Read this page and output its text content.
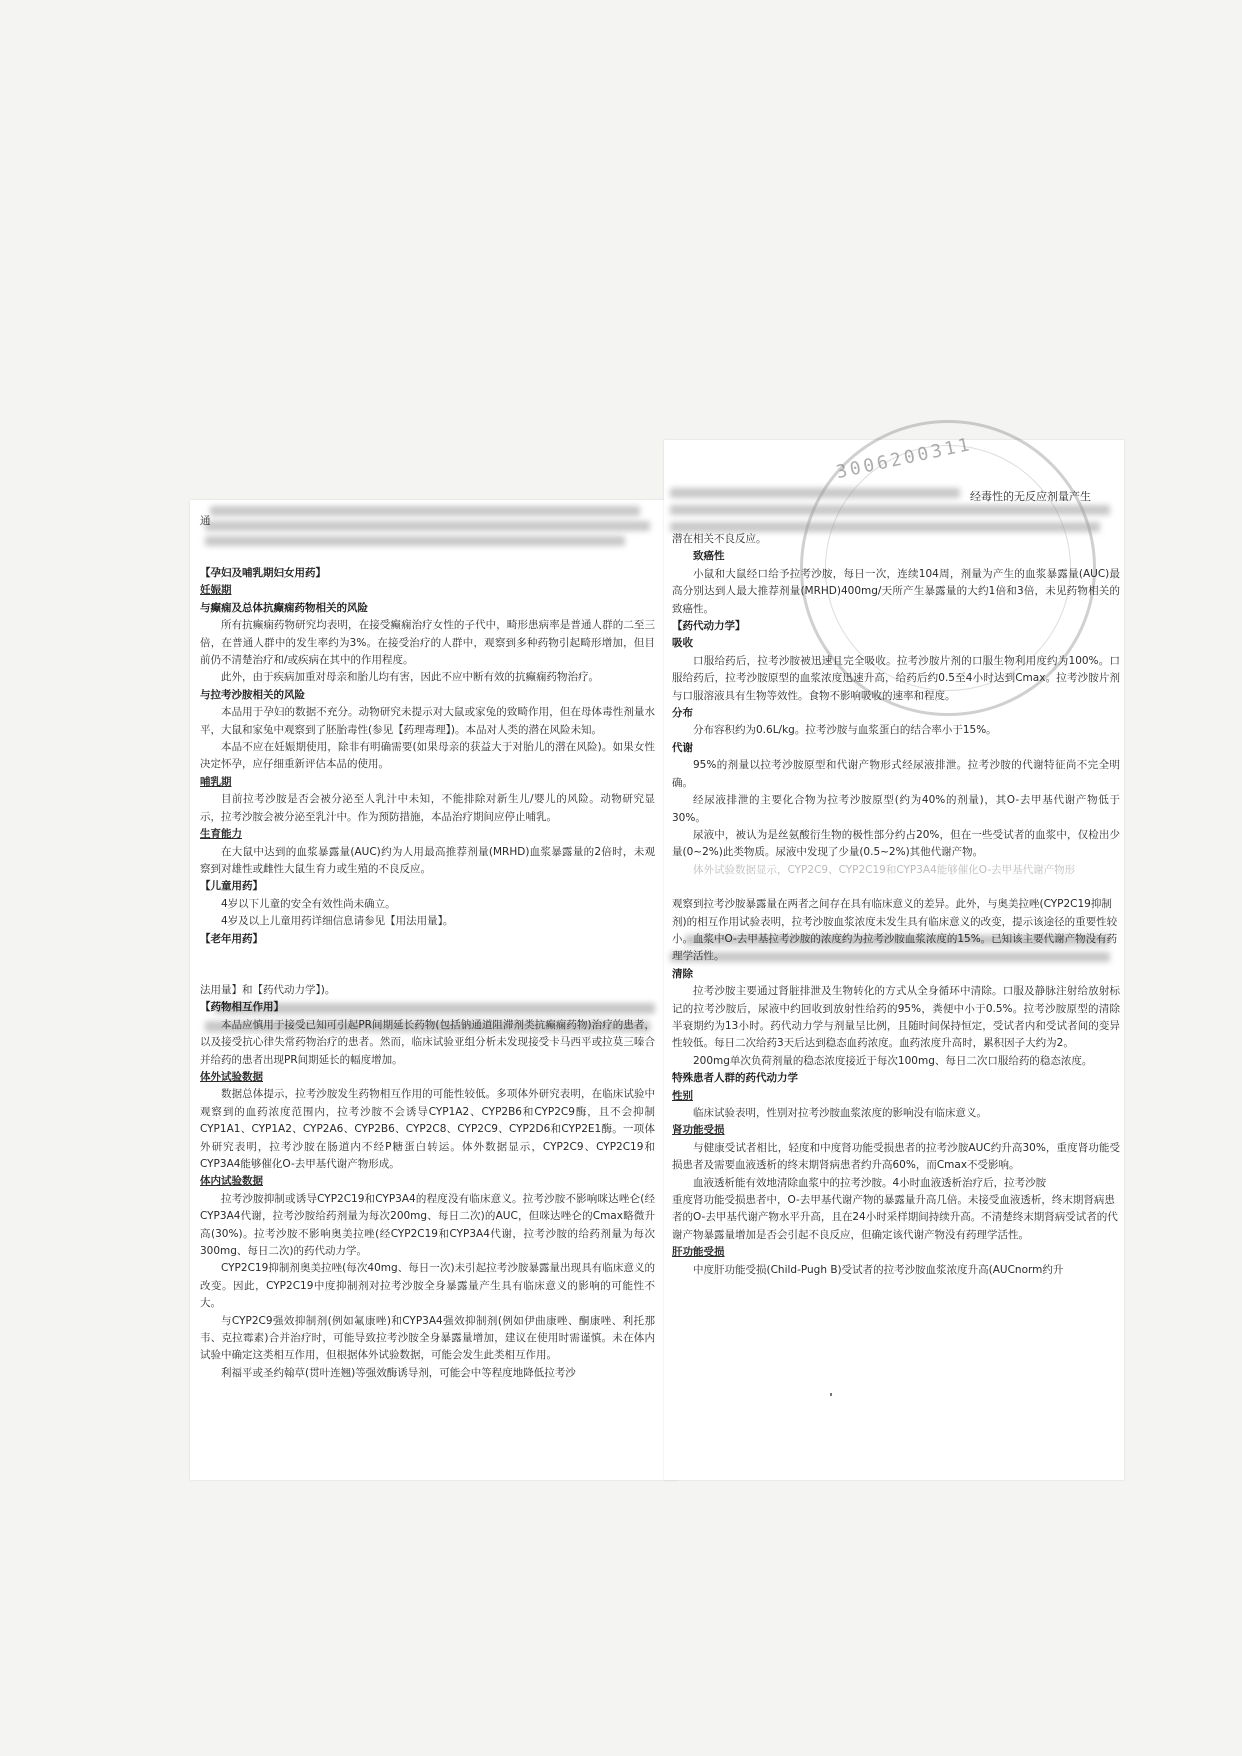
3006200311
经毒性的无反应剂量产生
通

【孕妇及哺乳期妇女用药】

妊娠期

与癫痫及总体抗癫痫药物相关的风险

所有抗癫痫药物研究均表明，在接受癫痫治疗女性的子代中，畸形患病率是普通人群的二至三倍，在普通人群中的发生率约为3%。在接受治疗的人群中，观察到多种药物引起畸形增加，但目前仍不清楚治疗和/或疾病在其中的作用程度。

此外，由于疾病加重对母亲和胎儿均有害，因此不应中断有效的抗癫痫药物治疗。

与拉考沙胺相关的风险

本品用于孕妇的数据不充分。动物研究未提示对大鼠或家兔的致畸作用，但在母体毒性剂量水平，大鼠和家兔中观察到了胚胎毒性(参见【药理毒理】)。本品对人类的潜在风险未知。

本品不应在妊娠期使用，除非有明确需要(如果母亲的获益大于对胎儿的潜在风险)。如果女性决定怀孕，应仔细重新评估本品的使用。

哺乳期

目前拉考沙胺是否会被分泌至人乳汁中未知，不能排除对新生儿/婴儿的风险。动物研究显示，拉考沙胺会被分泌至乳汁中。作为预防措施，本品治疗期间应停止哺乳。

生育能力

在大鼠中达到的血浆暴露量(AUC)约为人用最高推荐剂量(MRHD)血浆暴露量的2倍时，未观察到对雄性或雌性大鼠生育力或生殖的不良反应。

【儿童用药】

4岁以下儿童的安全有效性尚未确立。

4岁及以上儿童用药详细信息请参见【用法用量】。

【老年用药】

法用量】和【药代动力学】)。

【药物相互作用】

本品应慎用于接受已知可引起PR间期延长药物(包括钠通道阻滞剂类抗癫痫药物)治疗的患者，以及接受抗心律失常药物治疗的患者。然而，临床试验亚组分析未发现接受卡马西平或拉莫三嗪合并给药的患者出现PR间期延长的幅度增加。

体外试验数据

数据总体提示，拉考沙胺发生药物相互作用的可能性较低。多项体外研究表明，在临床试验中观察到的血药浓度范围内，拉考沙胺不会诱导CYP1A2、CYP2B6和CYP2C9酶，且不会抑制CYP1A1、CYP1A2、CYP2A6、CYP2B6、CYP2C8、CYP2C9、CYP2D6和CYP2E1酶。一项体外研究表明，拉考沙胺在肠道内不经P糖蛋白转运。体外数据显示，CYP2C9、CYP2C19和CYP3A4能够催化O-去甲基代谢产物形成。

体内试验数据

拉考沙胺抑制或诱导CYP2C19和CYP3A4的程度没有临床意义。拉考沙胺不影响咪达唑仑(经CYP3A4代谢，拉考沙胺给药剂量为每次200mg、每日二次)的AUC，但咪达唑仑的Cmax略微升高(30%)。拉考沙胺不影响奥美拉唑(经CYP2C19和CYP3A4代谢，拉考沙胺的给药剂量为每次300mg、每日二次)的药代动力学。

CYP2C19抑制剂奥美拉唑(每次40mg、每日一次)未引起拉考沙胺暴露量出现具有临床意义的改变。因此，CYP2C19中度抑制剂对拉考沙胺全身暴露量产生具有临床意义的影响的可能性不大。

与CYP2C9强效抑制剂(例如氟康唑)和CYP3A4强效抑制剂(例如伊曲康唑、酮康唑、利托那韦、克拉霉素)合并治疗时，可能导致拉考沙胺全身暴露量增加，建议在使用时需谨慎。未在体内试验中确定这类相互作用，但根据体外试验数据，可能会发生此类相互作用。

利福平或圣约翰草(贯叶连翘)等强效酶诱导剂，可能会中等程度地降低拉考沙

潜在相关不良反应。

致癌性

小鼠和大鼠经口给予拉考沙胺，每日一次，连续104周，剂量为产生的血浆暴露量(AUC)最高分别达到人最大推荐剂量(MRHD)400mg/天所产生暴露量的大约1倍和3倍，未见药物相关的致癌性。

【药代动力学】

吸收

口服给药后，拉考沙胺被迅速且完全吸收。拉考沙胺片剂的口服生物利用度约为100%。口服给药后，拉考沙胺原型的血浆浓度迅速升高，给药后约0.5至4小时达到Cmax。拉考沙胺片剂与口服溶液具有生物等效性。食物不影响吸收的速率和程度。

分布

分布容积约为0.6L/kg。拉考沙胺与血浆蛋白的结合率小于15%。

代谢

95%的剂量以拉考沙胺原型和代谢产物形式经尿液排泄。拉考沙胺的代谢特征尚不完全明确。

经尿液排泄的主要化合物为拉考沙胺原型(约为40%的剂量)，其O-去甲基代谢产物低于30%。

尿液中，被认为是丝氨酸衍生物的极性部分约占20%，但在一些受试者的血浆中，仅检出少量(0~2%)此类物质。尿液中发现了少量(0.5~2%)其他代谢产物。

体外试验数据显示，CYP2C9、CYP2C19和CYP3A4能够催化O-去甲基代谢产物形

观察到拉考沙胺暴露量在两者之间存在具有临床意义的差异。此外，与奥美拉唑(CYP2C19抑制剂)的相互作用试验表明，拉考沙胺血浆浓度未发生具有临床意义的改变，提示该途径的重要性较小。血浆中O-去甲基拉考沙胺的浓度约为拉考沙胺血浆浓度的15%。已知该主要代谢产物没有药理学活性。

清除

拉考沙胺主要通过肾脏排泄及生物转化的方式从全身循环中清除。口服及静脉注射给放射标记的拉考沙胺后，尿液中约回收到放射性给药的95%，粪便中小于0.5%。拉考沙胺原型的清除半衰期约为13小时。药代动力学与剂量呈比例，且随时间保持恒定，受试者内和受试者间的变异性较低。每日二次给药3天后达到稳态血药浓度。血药浓度升高时，累积因子大约为2。

200mg单次负荷剂量的稳态浓度接近于每次100mg、每日二次口服给药的稳态浓度。

特殊患者人群的药代动力学

性别

临床试验表明，性别对拉考沙胺血浆浓度的影响没有临床意义。

肾功能受损

与健康受试者相比，轻度和中度肾功能受损患者的拉考沙胺AUC约升高30%，重度肾功能受损患者及需要血液透析的终末期肾病患者约升高60%，而Cmax不受影响。

血液透析能有效地清除血浆中的拉考沙胺。4小时血液透析治疗后，拉考沙胺

重度肾功能受损患者中，O-去甲基代谢产物的暴露量升高几倍。未接受血液透析，终末期肾病患者的O-去甲基代谢产物水平升高，且在24小时采样期间持续升高。不清楚终末期肾病受试者的代谢产物暴露量增加是否会引起不良反应，但确定该代谢产物没有药理学活性。

肝功能受损

中度肝功能受损(Child-Pugh B)受试者的拉考沙胺血浆浓度升高(AUCnorm约升
